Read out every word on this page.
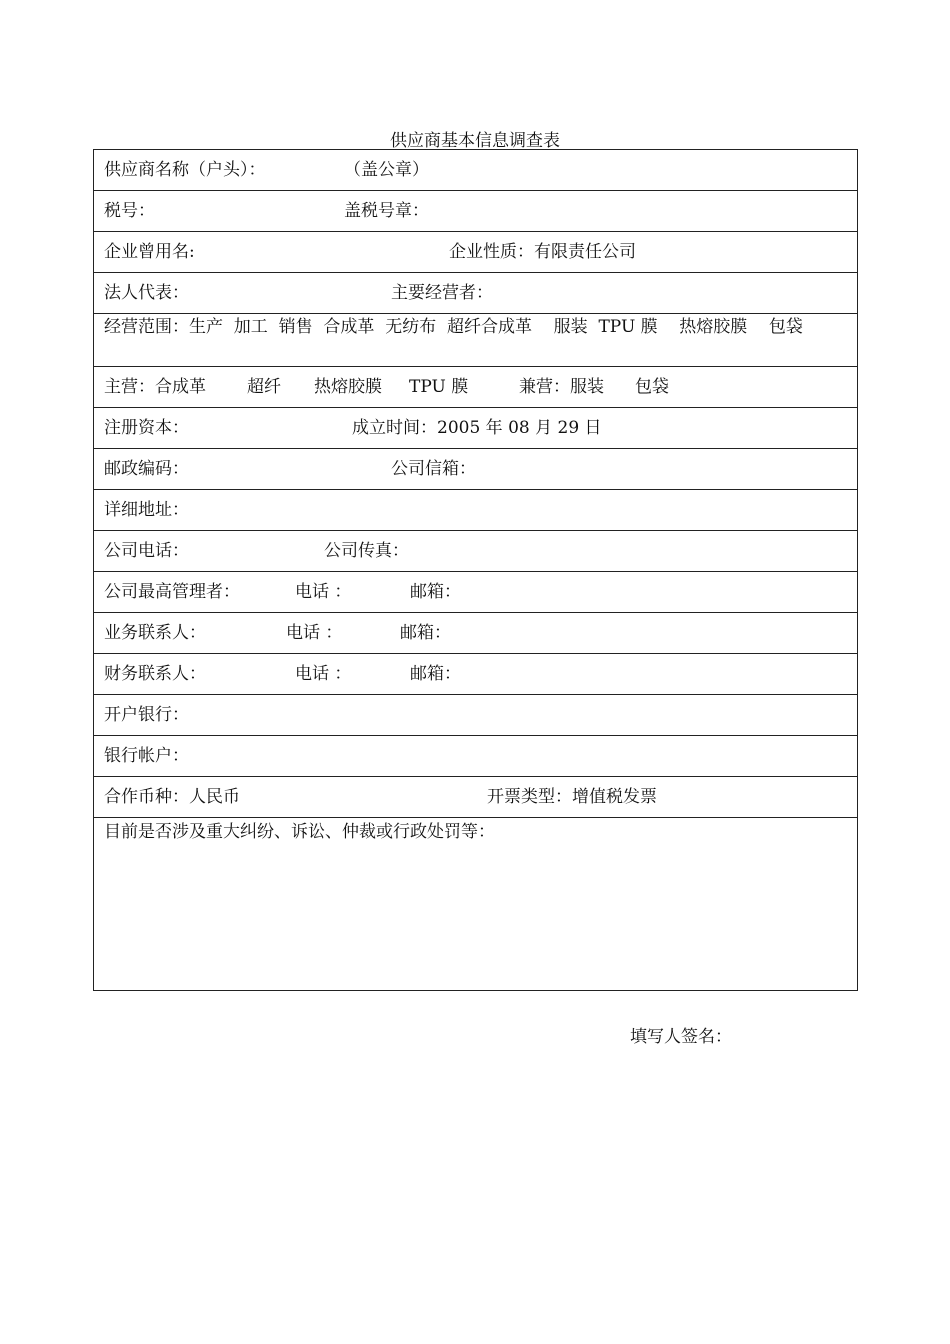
供应商基本信息调查表
供应商名称（户头）：	（盖公章）

税号：	盖税号章：

企业曾用名:	企业性质：有限责任公司

法人代表：	主要经营者：

经营范围：生产  加工  销售  合成革  无纺布  超纤合成革    服装  TPU 膜    热熔胶膜    包袋

主营：合成革 超纤 热熔胶膜 TPU 膜	兼营：服装 包袋

注册资本：	成立时间：2005 年 08 月 29 日

邮政编码：	公司信箱：

详细地址：

公司电话：	公司传真：

公司最高管理者：	电话 ：	邮箱：

业务联系人：	电话 ：	邮箱：

财务联系人：	电话 ：	邮箱：

开户银行：
银行帐户：

合作币种：人民币	开票类型：增值税发票

目前是否涉及重大纠纷、诉讼、仲裁或行政处罚等：
填写人签名：
